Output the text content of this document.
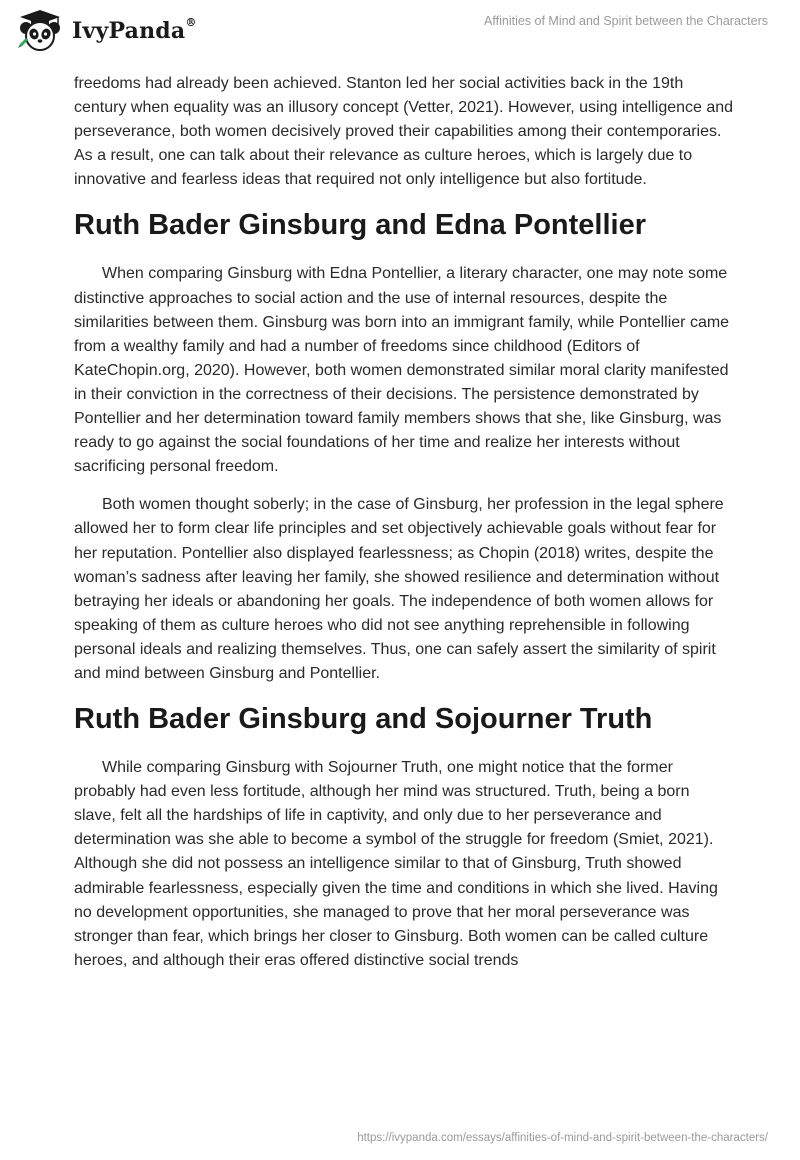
IvyPanda®	Affinities of Mind and Spirit between the Characters

freedoms had already been achieved. Stanton led her social activities back in the 19th century when equality was an illusory concept (Vetter, 2021). However, using intelligence and perseverance, both women decisively proved their capabilities among their contemporaries. As a result, one can talk about their relevance as culture heroes, which is largely due to innovative and fearless ideas that required not only intelligence but also fortitude.

Ruth Bader Ginsburg and Edna Pontellier

When comparing Ginsburg with Edna Pontellier, a literary character, one may note some distinctive approaches to social action and the use of internal resources, despite the similarities between them. Ginsburg was born into an immigrant family, while Pontellier came from a wealthy family and had a number of freedoms since childhood (Editors of KateChopin.org, 2020). However, both women demonstrated similar moral clarity manifested in their conviction in the correctness of their decisions. The persistence demonstrated by Pontellier and her determination toward family members shows that she, like Ginsburg, was ready to go against the social foundations of her time and realize her interests without sacrificing personal freedom.

Both women thought soberly; in the case of Ginsburg, her profession in the legal sphere allowed her to form clear life principles and set objectively achievable goals without fear for her reputation. Pontellier also displayed fearlessness; as Chopin (2018) writes, despite the woman’s sadness after leaving her family, she showed resilience and determination without betraying her ideals or abandoning her goals. The independence of both women allows for speaking of them as culture heroes who did not see anything reprehensible in following personal ideals and realizing themselves. Thus, one can safely assert the similarity of spirit and mind between Ginsburg and Pontellier.

Ruth Bader Ginsburg and Sojourner Truth

While comparing Ginsburg with Sojourner Truth, one might notice that the former probably had even less fortitude, although her mind was structured. Truth, being a born slave, felt all the hardships of life in captivity, and only due to her perseverance and determination was she able to become a symbol of the struggle for freedom (Smiet, 2021). Although she did not possess an intelligence similar to that of Ginsburg, Truth showed admirable fearlessness, especially given the time and conditions in which she lived. Having no development opportunities, she managed to prove that her moral perseverance was stronger than fear, which brings her closer to Ginsburg. Both women can be called culture heroes, and although their eras offered distinctive social trends

https://ivypanda.com/essays/affinities-of-mind-and-spirit-between-the-characters/
